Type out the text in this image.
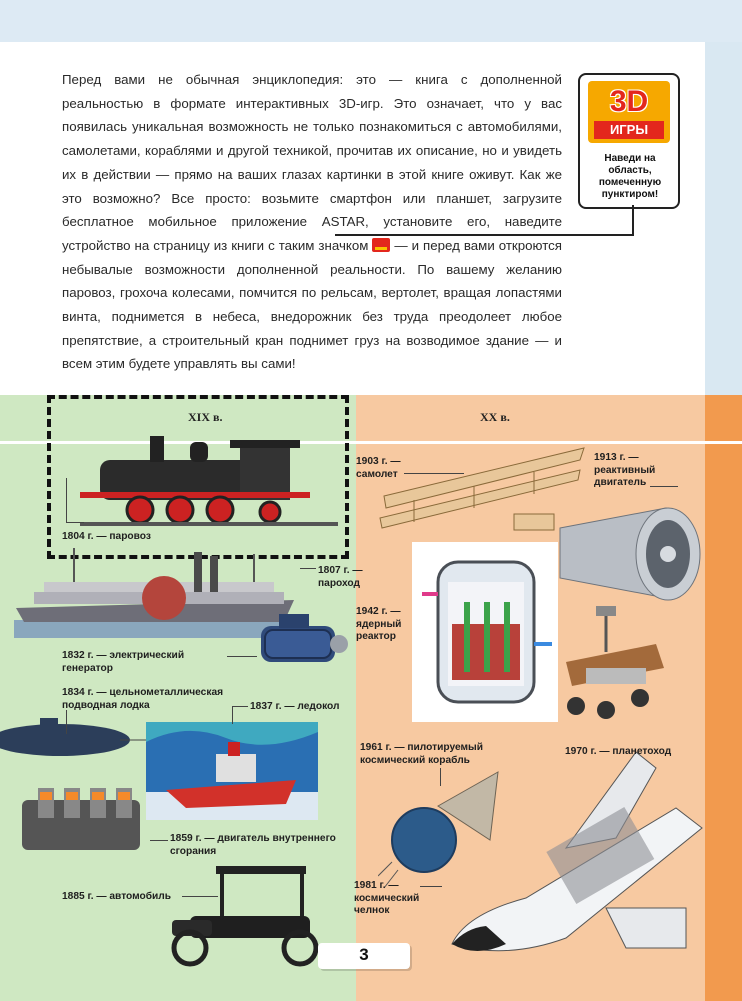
Перед вами не обычная энциклопедия: это — книга с дополненной реальностью в формате интерактивных 3D-игр. Это означает, что у вас появилась уникальная возможность не только познакомиться с автомобилями, самолетами, кораблями и другой техникой, прочитав их описание, но и увидеть их в действии — прямо на ваших глазах картинки в этой книге оживут. Как же это возможно? Все просто: возьмите смартфон или планшет, загрузите бесплатное мобильное приложение ASTAR, установите его, наведите устройство на страницу из книги с таким значком — и перед вами откроются небывалые возможности дополненной реальности. По вашему желанию паровоз, грохоча колесами, помчится по рельсам, вертолет, вращая лопастями винта, поднимется в небеса, внедорожник без труда преодолеет любое препятствие, а строительный кран поднимет груз на возводимое здание — и всем этим будете управлять вы сами!
3D
ИГРЫ
Наведи на область, помеченную пунктиром!
XIX в.	XX в.
1804 г. — паровоз
1807 г. —
пароход
1832 г. — электрический
генератор
1834 г. — цельнометаллическая
подводная лодка	1837 г. — ледокол
1859 г. — двигатель внутреннего
сгорания
1885 г. — автомобиль
1903 г. —
самолет
1913 г. —
реактивный
двигатель
1942 г. —
ядерный
реактор
1961 г. — пилотируемый
космический корабль
1970 г. — планетоход
1981 г. —
космический
челнок
3
